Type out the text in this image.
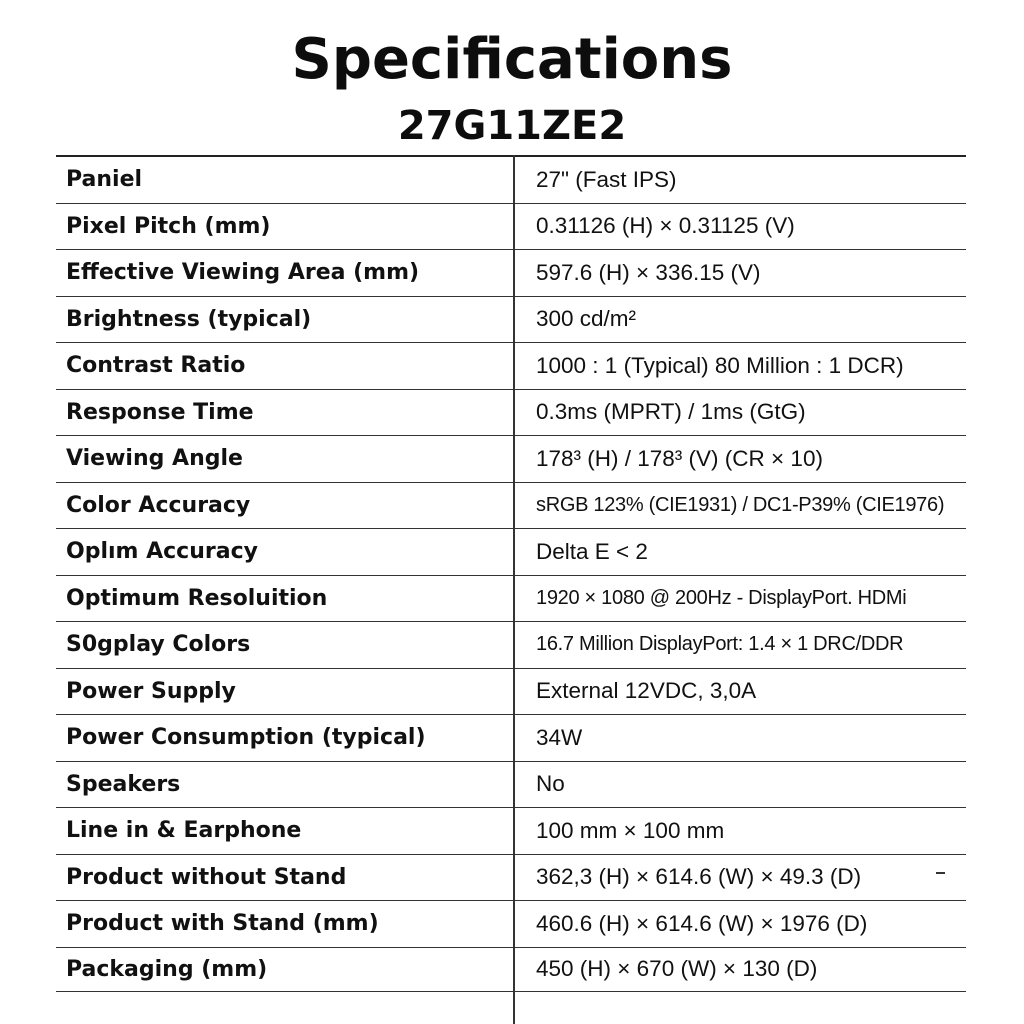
Specifications
27G11ZE2
Paniel	27" (Fast IPS)
Pixel Pitch (mm)	0.31126 (H) × 0.31125 (V)
Effective Viewing Area (mm)	597.6 (H) × 336.15 (V)
Brightness (typical)	300 cd/m²
Contrast Ratio	1000 : 1 (Typical) 80 Million : 1 DCR)
Response Time	0.3ms (MPRT) / 1ms (GtG)
Viewing Angle	178³ (H) / 178³ (V) (CR × 10)
Color Accuracy	sRGB 123% (CIE1931) / DC1-P39% (CIE1976)
Oplım Accuracy	Delta E < 2
Optimum Resoluition	1920 × 1080 @ 200Hz - DisplayPort. HDMi
S0gplay Colors	16.7 Million DisplayPort: 1.4 × 1 DRC/DDR
Power Supply	External 12VDC, 3,0A
Power Consumption (typical)	34W
Speakers	No
Line in & Earphone	100 mm × 100 mm
Product without Stand	362,3 (H) × 614.6 (W) × 49.3 (D)
Product with Stand (mm)	460.6 (H) × 614.6 (W) × 1976 (D)
Packaging (mm)	450 (H) × 670 (W) × 130 (D)
